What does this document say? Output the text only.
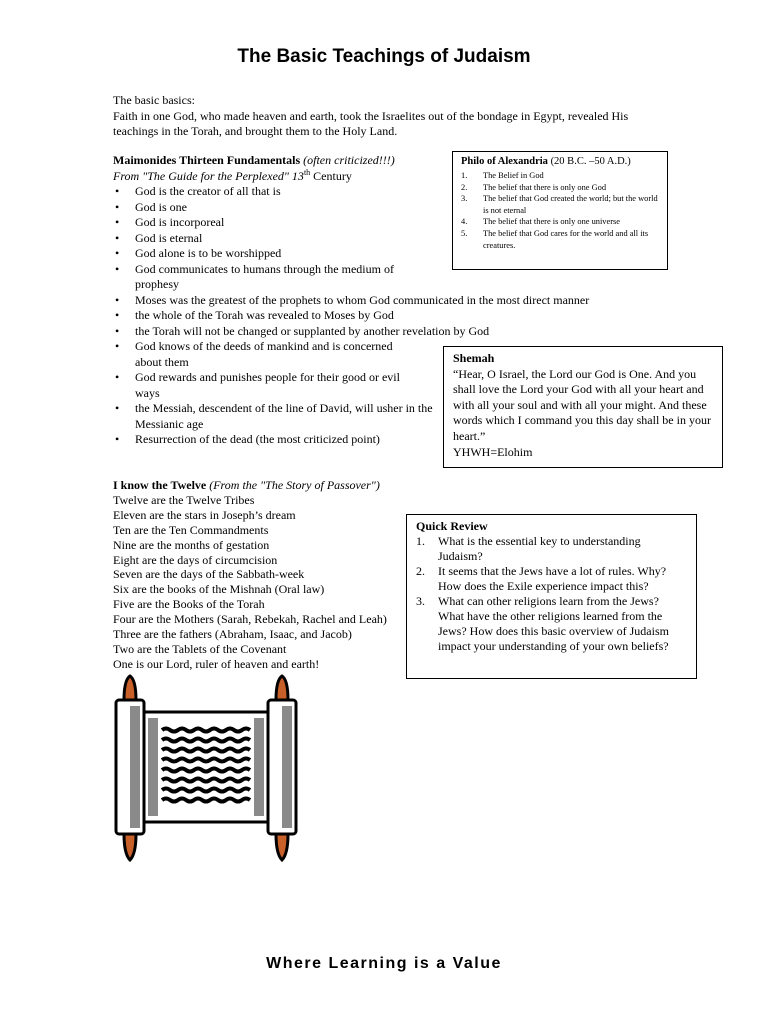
The Basic Teachings of Judaism
The basic basics:
Faith in one God, who made heaven and earth, took the Israelites out of the bondage in Egypt, revealed His
teachings in the Torah, and brought them to the Holy Land.
Maimonides Thirteen Fundamentals (often criticized!!!)
From "The Guide for the Perplexed" 13th Century
• God is the creator of all that is
• God is one
• God is incorporeal
• God is eternal
• God alone is to be worshipped
• God communicates to humans through the medium of prophesy
• Moses was the greatest of the prophets to whom God communicated in the most direct manner
• the whole of the Torah was revealed to Moses by God
• the Torah will not be changed or supplanted by another revelation by God
• God knows of the deeds of mankind and is concerned about them
• God rewards and punishes people for their good or evil ways
• the Messiah, descendent of the line of David, will usher in the Messianic age
• Resurrection of the dead (the most criticized point)
Philo of Alexandria (20 B.C. –50 A.D.)
1. The Belief in God
2. The belief that there is only one God
3. The belief that God created the world; but the world is not eternal
4. The belief that there is only one universe
5. The belief that God cares for the world and all its creatures.
Shemah
“Hear, O Israel, the Lord our God is One. And you shall love the Lord your God with all your heart and with all your soul and with all your might. And these words which I command you this day shall be in your heart.”
YHWH=Elohim
I know the Twelve (From the "The Story of Passover")
Twelve are the Twelve Tribes
Eleven are the stars in Joseph’s dream
Ten are the Ten Commandments
Nine are the months of gestation
Eight are the days of circumcision
Seven are the days of the Sabbath-week
Six are the books of the Mishnah (Oral law)
Five are the Books of the Torah
Four are the Mothers (Sarah, Rebekah, Rachel and Leah)
Three are the fathers (Abraham, Isaac, and Jacob)
Two are the Tablets of the Covenant
One is our Lord, ruler of heaven and earth!
Quick Review
1. What is the essential key to understanding Judaism?
2. It seems that the Jews have a lot of rules. Why? How does the Exile experience impact this?
3. What can other religions learn from the Jews? What have the other religions learned from the Jews? How does this basic overview of Judaism impact your understanding of your own beliefs?
Where Learning is a Value
